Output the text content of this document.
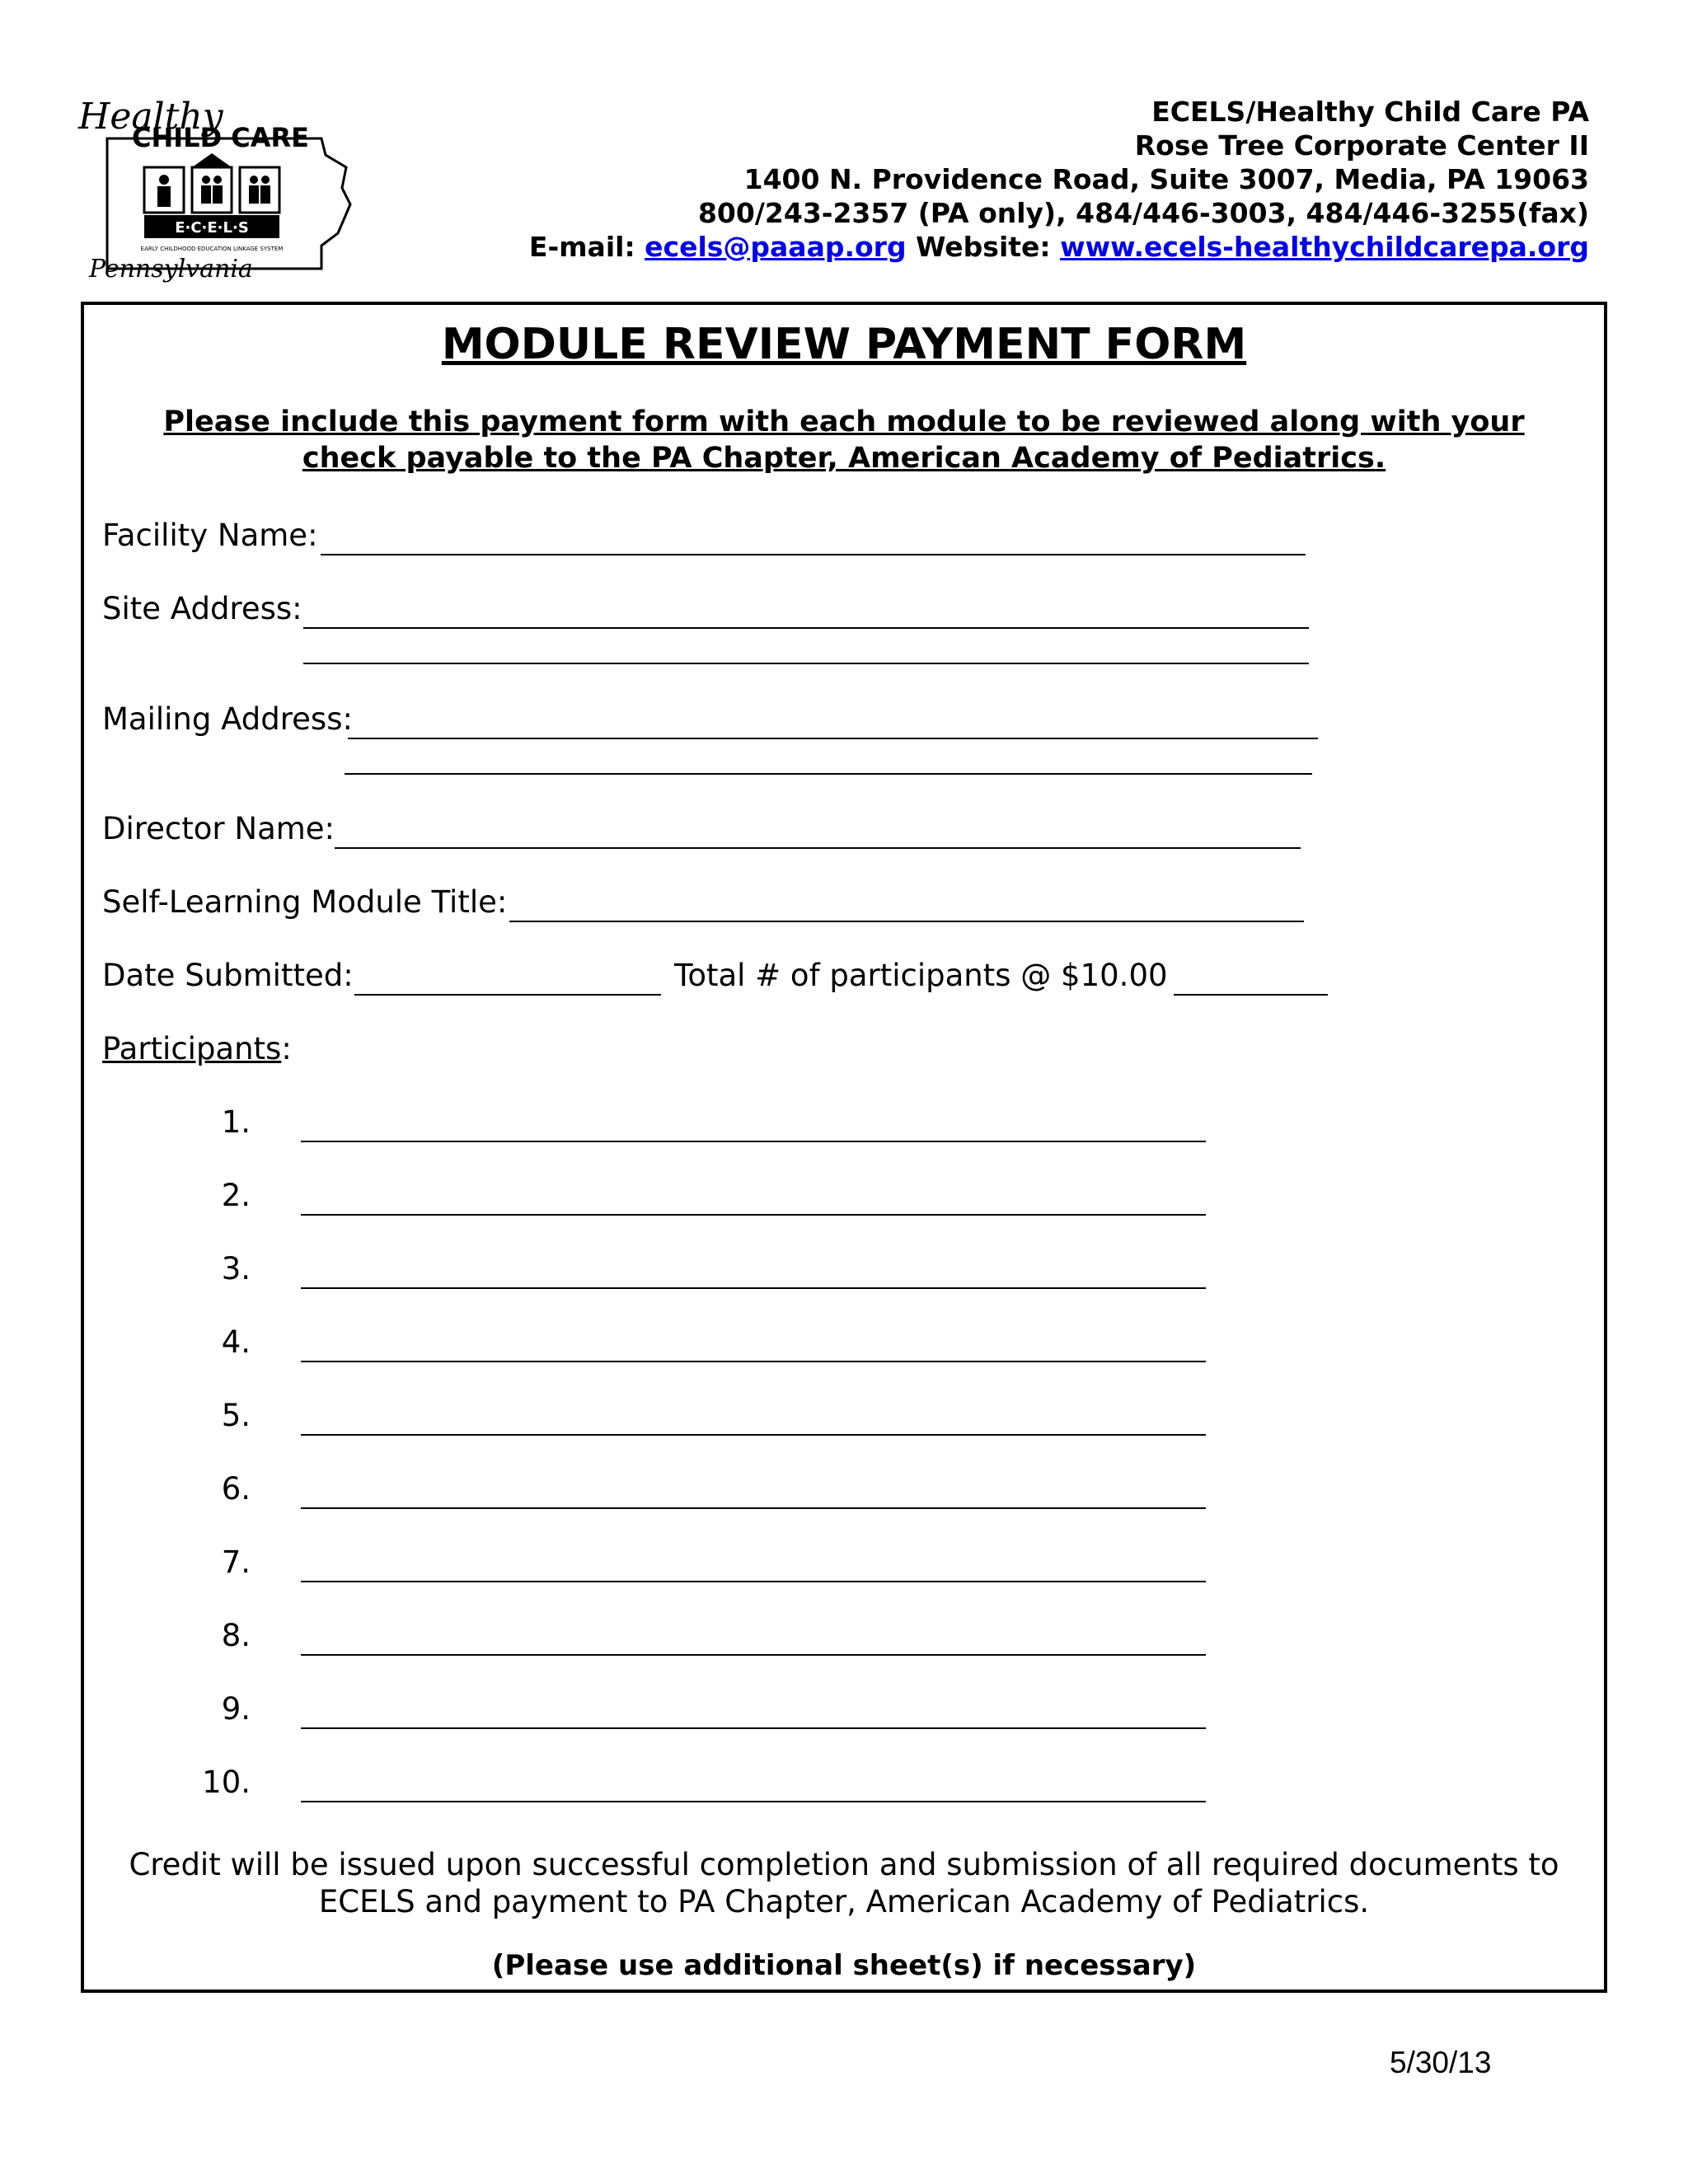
Healthy
CHILD CARE
E·C·E·L·S
EARLY CHILDHOOD EDUCATION LINKAGE SYSTEM
Pennsylvania
ECELS/Healthy Child Care PA
Rose Tree Corporate Center II
1400 N. Providence Road, Suite 3007, Media, PA 19063
800/243-2357 (PA only), 484/446-3003, 484/446-3255(fax)
E-mail: ecels@paaap.org Website: www.ecels-healthychildcarepa.org
MODULE REVIEW PAYMENT FORM
Please include this payment form with each module to be reviewed along with your check payable to the PA Chapter, American Academy of Pediatrics.
Facility Name:
Site Address:
Mailing Address:
Director Name:
Self-Learning Module Title:
Date Submitted:	Total # of participants @ $10.00
Participants:
1.
2.
3.
4.
5.
6.
7.
8.
9.
10.
Credit will be issued upon successful completion and submission of all required documents to ECELS and payment to PA Chapter, American Academy of Pediatrics.
(Please use additional sheet(s) if necessary)
5/30/13
